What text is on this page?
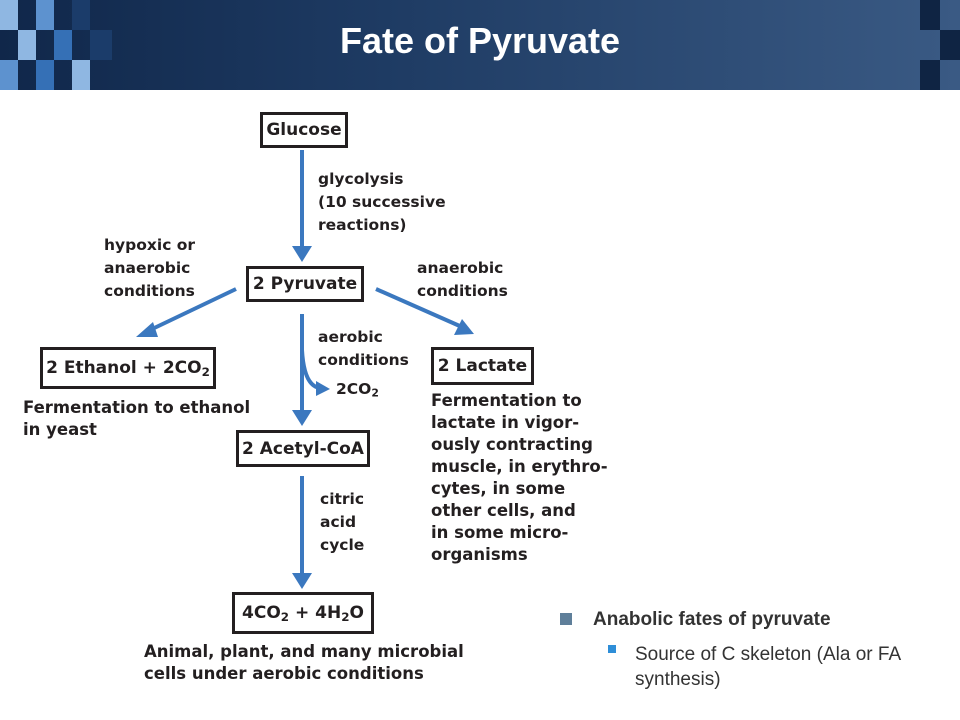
Fate of Pyruvate
Glucose
2 Pyruvate
2 Ethanol + $2CO_2$	2 Lactate
2 Acetyl-CoA
$4CO_2 + 4H_2O$
glycolysis
(10 successive
reactions)
hypoxic or
anaerobic
conditions
anaerobic
conditions
aerobic
conditions
$2CO_2$
citric
acid
cycle
Fermentation to ethanol
in yeast
Fermentation to
lactate in vigor-
ously contracting
muscle, in erythro-
cytes, in some
other cells, and
in some micro-
organisms
Animal, plant, and many microbial
cells under aerobic conditions
Anabolic fates of pyruvate
Source of C skeleton (Ala or FA synthesis)
